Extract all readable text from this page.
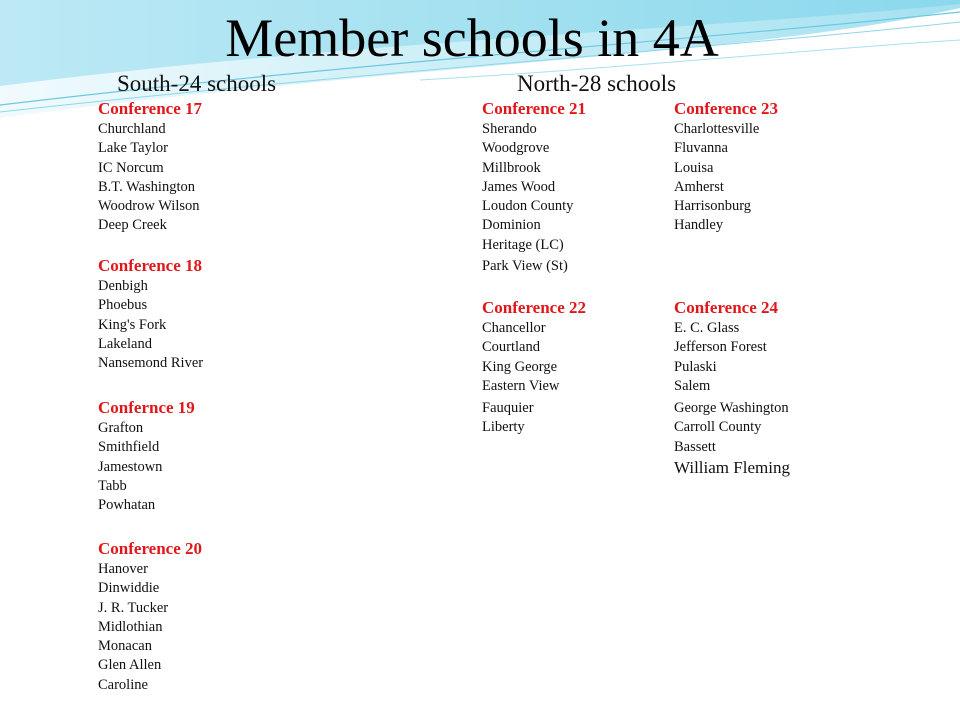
Member schools in 4A
South-24 schools	North-28 schools
Conference 17
Churchland
Lake Taylor
IC Norcum
B.T. Washington
Woodrow Wilson
Deep Creek
Conference 18
Denbigh
Phoebus
King's Fork
Lakeland
Nansemond River
Confernce 19
Grafton
Smithfield
Jamestown
Tabb
Powhatan
Conference 20
Hanover
Dinwiddie
J. R. Tucker
Midlothian
Monacan
Glen Allen
Caroline
Conference 21
Sherando
Woodgrove
Millbrook
James Wood
Loudon County
Dominion
Heritage (LC)
Park View (St)
Conference 22
Chancellor
Courtland
King George
Eastern View
Fauquier
Liberty
Conference 23
Charlottesville
Fluvanna
Louisa
Amherst
Harrisonburg
Handley
Conference 24
E. C. Glass
Jefferson Forest
Pulaski
Salem
George Washington
Carroll County
Bassett
William Fleming
